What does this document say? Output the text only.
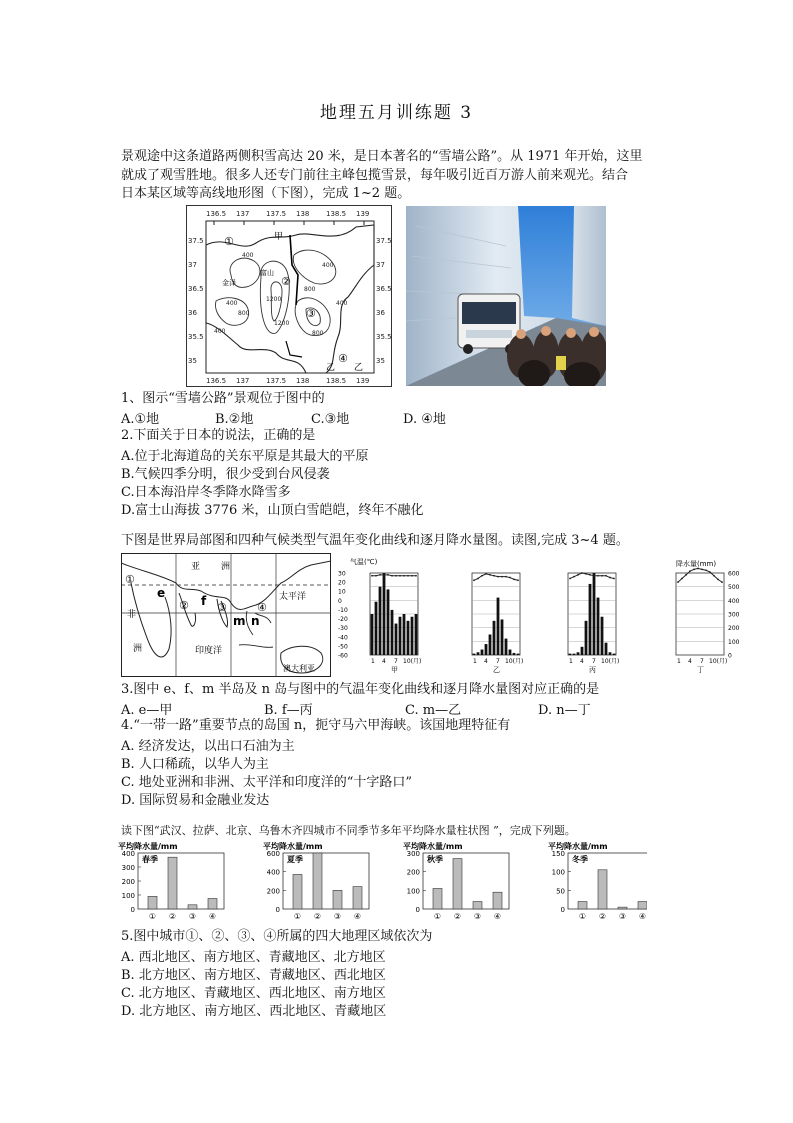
地理五月训练题 3
景观途中这条道路两侧积雪高达 20 米，是日本著名的“雪墙公路”。从 1971 年开始，这里
就成了观雪胜地。很多人还专门前往主峰包揽雪景，每年吸引近百万游人前来观光。结合
日本某区域等高线地形图（下图），完成 1~2 题。
136.5 137 137.5 138 138.5 139
136.5 137 137.5 138 138.5 139
37.5
37
36.5
36
35.5
35
37.5
37
36.5
36
35.5
35
①
②
③
④
甲
乙 乙
金泽
富山
400
400
800
1200
1200
800
400
400
800
400
1、图示“雪墙公路”景观位于图中的
A.①地	B.②地	C.③地	D. ④地
2.下面关于日本的说法，正确的是
A.位于北海道岛的关东平原是其最大的平原
B.气候四季分明，很少受到台风侵袭
C.日本海沿岸冬季降水降雪多
D.富士山海拔 3776 米，山顶白雪皑皑，终年不融化
下图是世界局部图和四种气候类型气温年变化曲线和逐月降水量图。读图,完成 3~4 题。
①
②	③	④
亚 洲
太平洋
非
洲	印度洋
澳大利亚
e
f
m n
气温(℃)	降水量(mm)
30
20
10
0
-10
-20
-30
-40
-50
-60
600
500
400
300
200
100
0
1 4 7 10(月)
甲
1 4 7 10(月)
乙
1 4 7 10(月)
丙
1 4 7 10(月)
丁
3.图中 e、f、m 半岛及 n 岛与图中的气温年变化曲线和逐月降水量图对应正确的是
A. e—甲	B. f—丙	C. m—乙	D. n—丁
4.“一带一路”重要节点的岛国 n，扼守马六甲海峡。该国地理特征有
A. 经济发达，以出口石油为主
B. 人口稀疏，以华人为主
C. 地处亚洲和非洲、太平洋和印度洋的“十字路口”
D. 国际贸易和金融业发达
读下图“武汉、拉萨、北京、乌鲁木齐四城市不同季节多年平均降水量柱状图 ”，完成下列题。
平均降水量/mm
春季
400
300
200
100
0
① ② ③ ④
平均降水量/mm
夏季
600
400
200
0
① ② ③ ④
平均降水量/mm
秋季
300
200
100
0
① ② ③ ④
平均降水量/mm
冬季
150
100
50
0
① ② ③ ④
5.图中城市①、②、③、④所属的四大地理区域依次为
A. 西北地区、南方地区、青藏地区、北方地区
B. 北方地区、南方地区、青藏地区、西北地区
C. 北方地区、青藏地区、西北地区、南方地区
D. 北方地区、南方地区、西北地区、青藏地区
